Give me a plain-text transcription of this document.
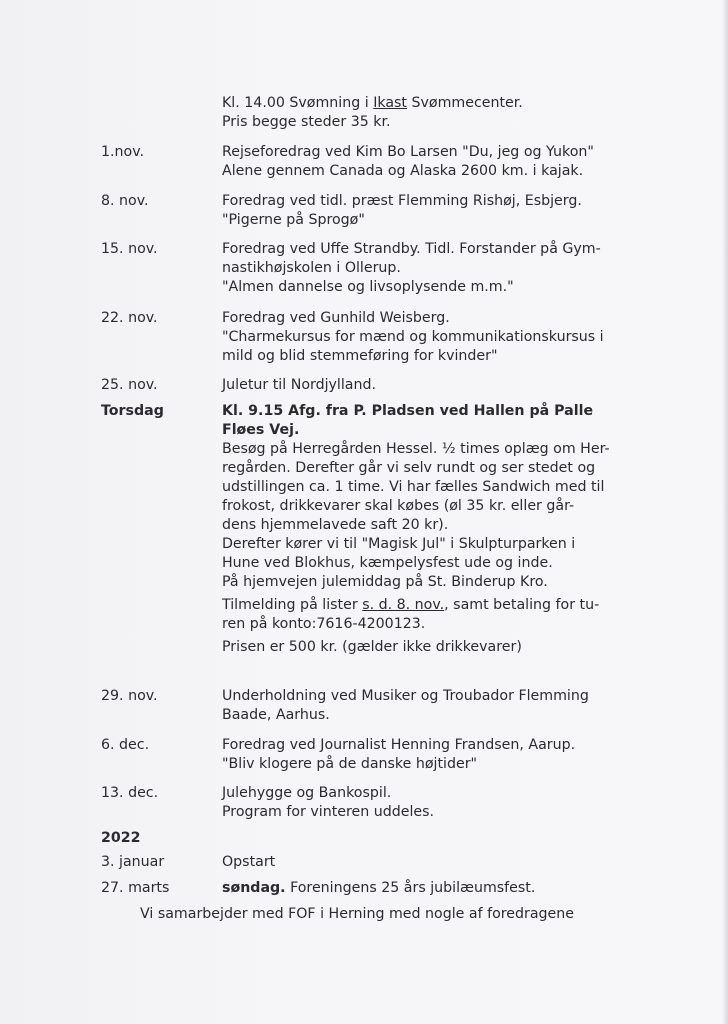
Kl. 14.00 Svømning i Ikast Svømmecenter.
Pris begge steder 35 kr.
1.nov.	Rejseforedrag ved Kim Bo Larsen "Du, jeg og Yukon"
Alene gennem Canada og Alaska 2600 km. i kajak.
8. nov.	Foredrag ved tidl. præst Flemming Rishøj, Esbjerg.
"Pigerne på Sprogø"
15. nov.	Foredrag ved Uffe Strandby. Tidl. Forstander på Gym-
nastikhøjskolen i Ollerup.
"Almen dannelse og livsoplysende m.m."
22. nov.	Foredrag ved Gunhild Weisberg.
"Charmekursus for mænd og kommunikationskursus i
mild og blid stemmeføring for kvinder"
25. nov.	Juletur til Nordjylland.
Torsdag	Kl. 9.15 Afg. fra P. Pladsen ved Hallen på Palle
Fløes Vej.
Besøg på Herregården Hessel. ½ times oplæg om Her-
regården. Derefter går vi selv rundt og ser stedet og
udstillingen ca. 1 time. Vi har fælles Sandwich med til
frokost, drikkevarer skal købes (øl 35 kr. eller går-
dens hjemmelavede saft 20 kr).
Derefter kører vi til "Magisk Jul" i Skulpturparken i
Hune ved Blokhus, kæmpelysfest ude og inde.
På hjemvejen julemiddag på St. Binderup Kro.
Tilmelding på lister s. d. 8. nov., samt betaling for tu-
ren på konto:7616-4200123.
Prisen er 500 kr. (gælder ikke drikkevarer)
29. nov.	Underholdning ved Musiker og Troubador Flemming
Baade, Aarhus.
6. dec.	Foredrag ved Journalist Henning Frandsen, Aarup.
"Bliv klogere på de danske højtider"
13. dec.	Julehygge og Bankospil.
Program for vinteren uddeles.
2022
3. januar	Opstart
27. marts	søndag. Foreningens 25 års jubilæumsfest.
Vi samarbejder med FOF i Herning med nogle af foredragene
